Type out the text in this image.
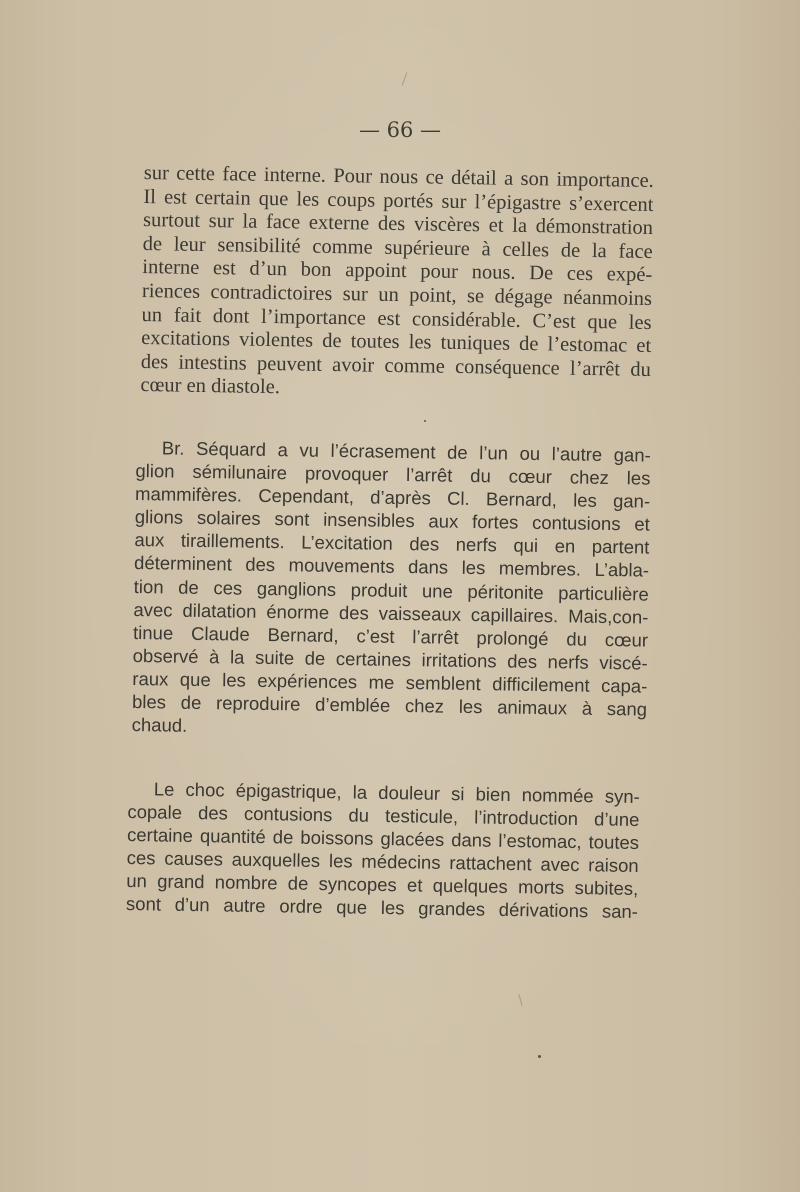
— 66 —
sur cette face interne. Pour nous ce détail a son importance.
Il est certain que les coups portés sur l’épigastre s’exercent
surtout sur la face externe des viscères et la démonstration
de leur sensibilité comme supérieure à celles de la face
interne est d’un bon appoint pour nous. De ces expé-
riences contradictoires sur un point, se dégage néanmoins
un fait dont l’importance est considérable. C’est que les
excitations violentes de toutes les tuniques de l’estomac et
des intestins peuvent avoir comme conséquence l’arrêt du
cœur en diastole.
Br. Séquard a vu l’écrasement de l’un ou l’autre gan-
glion sémilunaire provoquer l’arrêt du cœur chez les
mammifères. Cependant, d’après Cl. Bernard, les gan-
glions solaires sont insensibles aux fortes contusions et
aux tiraillements. L’excitation des nerfs qui en partent
déterminent des mouvements dans les membres. L’abla-
tion de ces ganglions produit une péritonite particulière
avec dilatation énorme des vaisseaux capillaires. Mais,con-
tinue Claude Bernard, c’est l’arrêt prolongé du cœur
observé à la suite de certaines irritations des nerfs viscé-
raux que les expériences me semblent difficilement capa-
bles de reproduire d’emblée chez les animaux à sang
chaud.
Le choc épigastrique, la douleur si bien nommée syn-
copale des contusions du testicule, l’introduction d’une
certaine quantité de boissons glacées dans l’estomac, toutes
ces causes auxquelles les médecins rattachent avec raison
un grand nombre de syncopes et quelques morts subites,
sont d’un autre ordre que les grandes dérivations san-
